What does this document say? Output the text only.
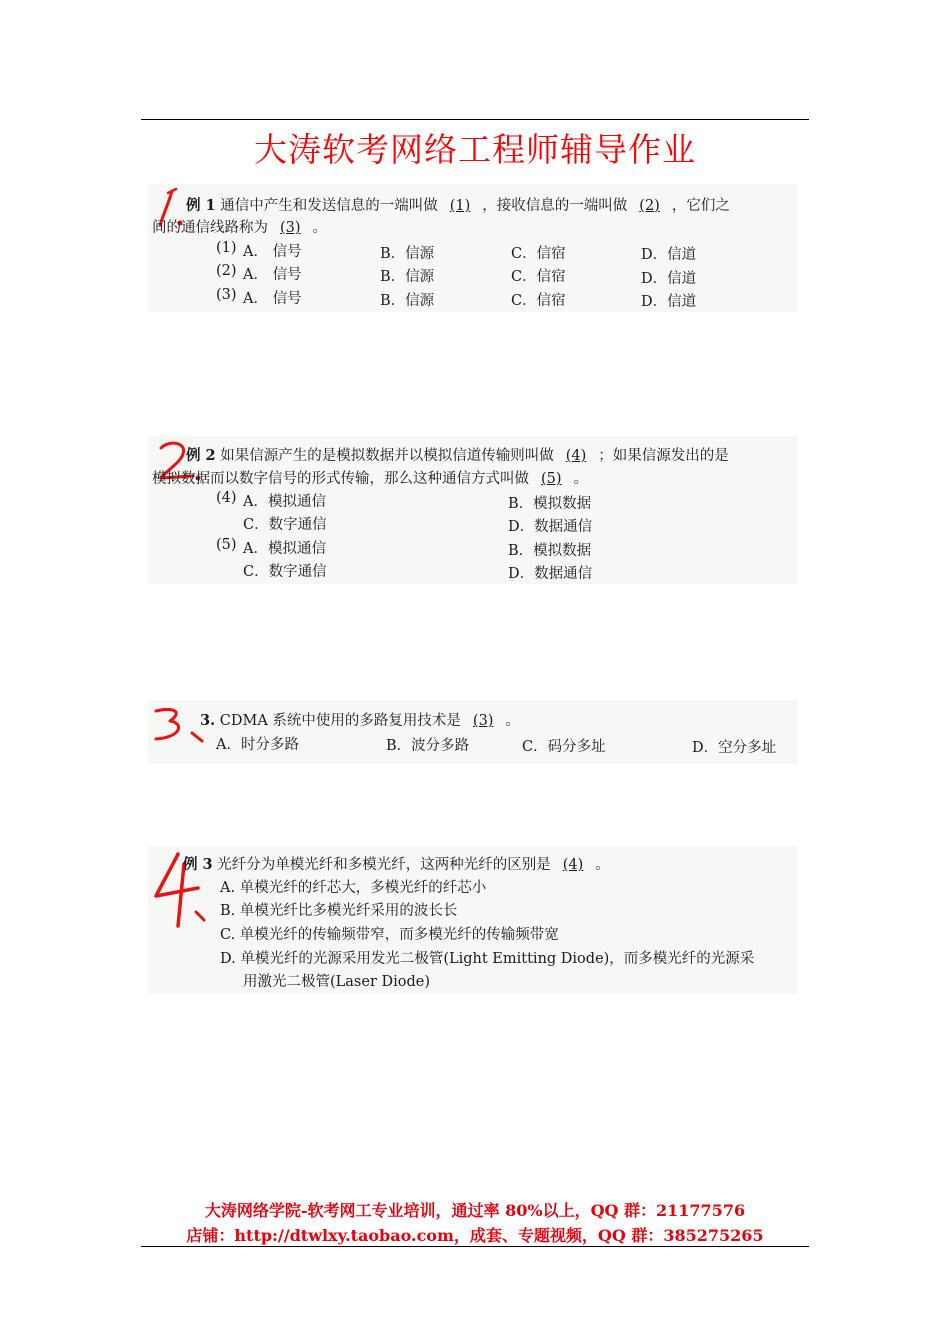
大涛软考网络工程师辅导作业
例 1 通信中产生和发送信息的一端叫做 (1) ，接收信息的一端叫做 (2) ，它们之
间的通信线路称为 (3) 。
(1) A． 信号	B．信源	C．信宿	D．信道
(2) A． 信号	B．信源	C．信宿	D．信道
(3) A． 信号	B．信源	C．信宿	D．信道
例 2 如果信源产生的是模拟数据并以模拟信道传输则叫做 (4) ；如果信源发出的是
模拟数据而以数字信号的形式传输，那么这种通信方式叫做 (5) 。
(4) A．模拟通信	B．模拟数据
C．数字通信	D．数据通信
(5) A．模拟通信	B．模拟数据
C．数字通信	D．数据通信
3. CDMA 系统中使用的多路复用技术是 (3) 。
A．时分多路	B．波分多路	C．码分多址	D．空分多址
例 3 光纤分为单模光纤和多模光纤，这两种光纤的区别是 (4) 。
A. 单模光纤的纤芯大，多模光纤的纤芯小
B. 单模光纤比多模光纤采用的波长长
C. 单模光纤的传输频带窄，而多模光纤的传输频带宽
D. 单模光纤的光源采用发光二极管(Light Emitting Diode)，而多模光纤的光源采
用激光二极管(Laser Diode)
大涛网络学院-软考网工专业培训，通过率 80%以上，QQ 群：21177576
店铺：http://dtwlxy.taobao.com，成套、专题视频，QQ 群：385275265
